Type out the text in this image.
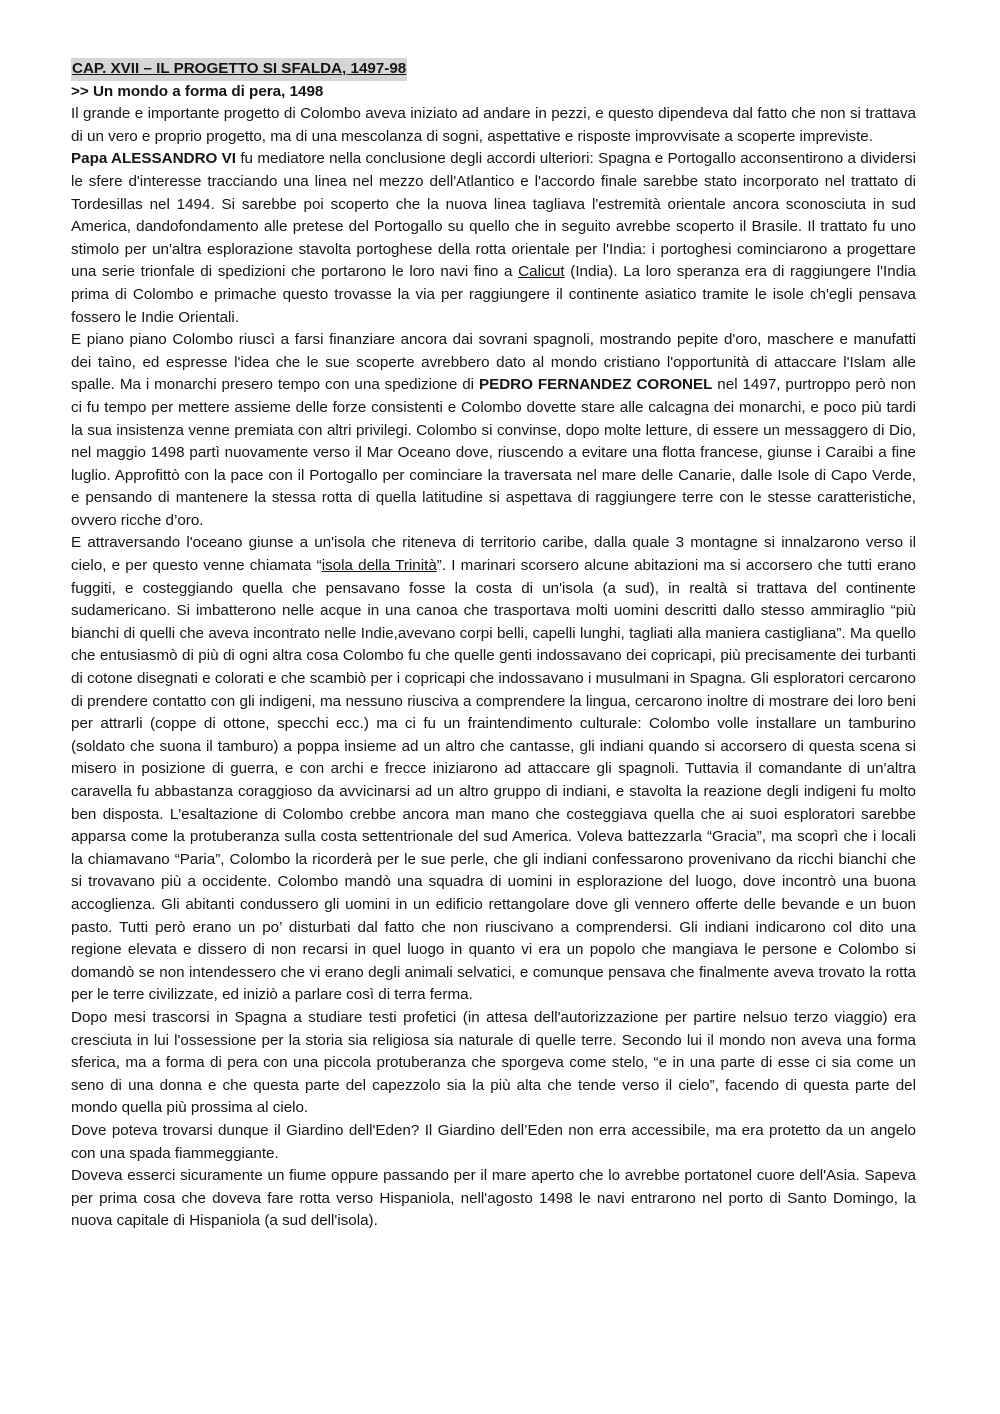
CAP. XVII – IL PROGETTO SI SFALDA, 1497-98
>> Un mondo a forma di pera, 1498

Il grande e importante progetto di Colombo aveva iniziato ad andare in pezzi, e questo dipendeva dal fatto che non si trattava di un vero e proprio progetto, ma di una mescolanza di sogni, aspettative e risposte improvvisate a scoperte impreviste.

Papa ALESSANDRO VI fu mediatore nella conclusione degli accordi ulteriori: Spagna e Portogallo acconsentirono a dividersi le sfere d'interesse tracciando una linea nel mezzo dell'Atlantico e l'accordo finale sarebbe stato incorporato nel trattato di Tordesillas nel 1494. Si sarebbe poi scoperto che la nuova linea tagliava l'estremità orientale ancora sconosciuta in sud America, dandofondamento alle pretese del Portogallo su quello che in seguito avrebbe scoperto il Brasile. Il trattato fu uno stimolo per un'altra esplorazione stavolta portoghese della rotta orientale per l'India: i portoghesi cominciarono a progettare una serie trionfale di spedizioni che portarono le loro navi fino a Calicut (India). La loro speranza era di raggiungere l'India prima di Colombo e primache questo trovasse la via per raggiungere il continente asiatico tramite le isole ch'egli pensava fossero le Indie Orientali.

E piano piano Colombo riuscì a farsi finanziare ancora dai sovrani spagnoli, mostrando pepite d'oro, maschere e manufatti dei taìno, ed espresse l'idea che le sue scoperte avrebbero dato al mondo cristiano l'opportunità di attaccare l'Islam alle spalle. Ma i monarchi presero tempo con una spedizione di PEDRO FERNANDEZ CORONEL nel 1497, purtroppo però non ci fu tempo per mettere assieme delle forze consistenti e Colombo dovette stare alle calcagna dei monarchi, e poco più tardi la sua insistenza venne premiata con altri privilegi. Colombo si convinse, dopo molte letture, di essere un messaggero di Dio, nel maggio 1498 partì nuovamente verso il Mar Oceano dove, riuscendo a evitare una flotta francese, giunse i Caraibi a fine luglio. Approfittò con la pace con il Portogallo per cominciare la traversata nel mare delle Canarie, dalle Isole di Capo Verde, e pensando di mantenere la stessa rotta di quella latitudine si aspettava di raggiungere terre con le stesse caratteristiche, ovvero ricche d’oro.

E attraversando l'oceano giunse a un'isola che riteneva di territorio caribe, dalla quale 3 montagne si innalzarono verso il cielo, e per questo venne chiamata “isola della Trinità”. I marinari scorsero alcune abitazioni ma si accorsero che tutti erano fuggiti, e costeggiando quella che pensavano fosse la costa di un'isola (a sud), in realtà si trattava del continente sudamericano. Si imbatterono nelle acque in una canoa che trasportava molti uomini descritti dallo stesso ammiraglio “più bianchi di quelli che aveva incontrato nelle Indie,avevano corpi belli, capelli lunghi, tagliati alla maniera castigliana”. Ma quello che entusiasmò di più di ogni altra cosa Colombo fu che quelle genti indossavano dei copricapi, più precisamente dei turbanti di cotone disegnati e colorati e che scambiò per i copricapi che indossavano i musulmani in Spagna. Gli esploratori cercarono di prendere contatto con gli indigeni, ma nessuno riusciva a comprendere la lingua, cercarono inoltre di mostrare dei loro beni per attrarli (coppe di ottone, specchi ecc.) ma ci fu un fraintendimento culturale: Colombo volle installare un tamburino (soldato che suona il tamburo) a poppa insieme ad un altro che cantasse, gli indiani quando si accorsero di questa scena si misero in posizione di guerra, e con archi e frecce iniziarono ad attaccare gli spagnoli. Tuttavia il comandante di un'altra caravella fu abbastanza coraggioso da avvicinarsi ad un altro gruppo di indiani, e stavolta la reazione degli indigeni fu molto ben disposta. L'esaltazione di Colombo crebbe ancora man mano che costeggiava quella che ai suoi esploratori sarebbe apparsa come la protuberanza sulla costa settentrionale del sud America. Voleva battezzarla “Gracia”, ma scoprì che i locali la chiamavano “Paria”, Colombo la ricorderà per le sue perle, che gli indiani confessarono provenivano da ricchi bianchi che si trovavano più a occidente. Colombo mandò una squadra di uomini in esplorazione del luogo, dove incontrò una buona accoglienza. Gli abitanti condussero gli uomini in un edificio rettangolare dove gli vennero offerte delle bevande e un buon pasto. Tutti però erano un po’ disturbati dal fatto che non riuscivano a comprendersi. Gli indiani indicarono col dito una regione elevata e dissero di non recarsi in quel luogo in quanto vi era un popolo che mangiava le persone e Colombo si domandò se non intendessero che vi erano degli animali selvatici, e comunque pensava che finalmente aveva trovato la rotta per le terre civilizzate, ed iniziò a parlare così di terra ferma.

Dopo mesi trascorsi in Spagna a studiare testi profetici (in attesa dell'autorizzazione per partire nelsuo terzo viaggio) era cresciuta in lui l'ossessione per la storia sia religiosa sia naturale di quelle terre. Secondo lui il mondo non aveva una forma sferica, ma a forma di pera con una piccola protuberanza che sporgeva come stelo, “e in una parte di esse ci sia come un seno di una donna e che questa parte del capezzolo sia la più alta che tende verso il cielo”, facendo di questa parte del mondo quella più prossima al cielo.

Dove poteva trovarsi dunque il Giardino dell'Eden? Il Giardino dell’Eden non erra accessibile, ma era protetto da un angelo con una spada fiammeggiante.

Doveva esserci sicuramente un fiume oppure passando per il mare aperto che lo avrebbe portatonel cuore dell'Asia. Sapeva per prima cosa che doveva fare rotta verso Hispaniola, nell'agosto 1498 le navi entrarono nel porto di Santo Domingo, la nuova capitale di Hispaniola (a sud dell'isola).
